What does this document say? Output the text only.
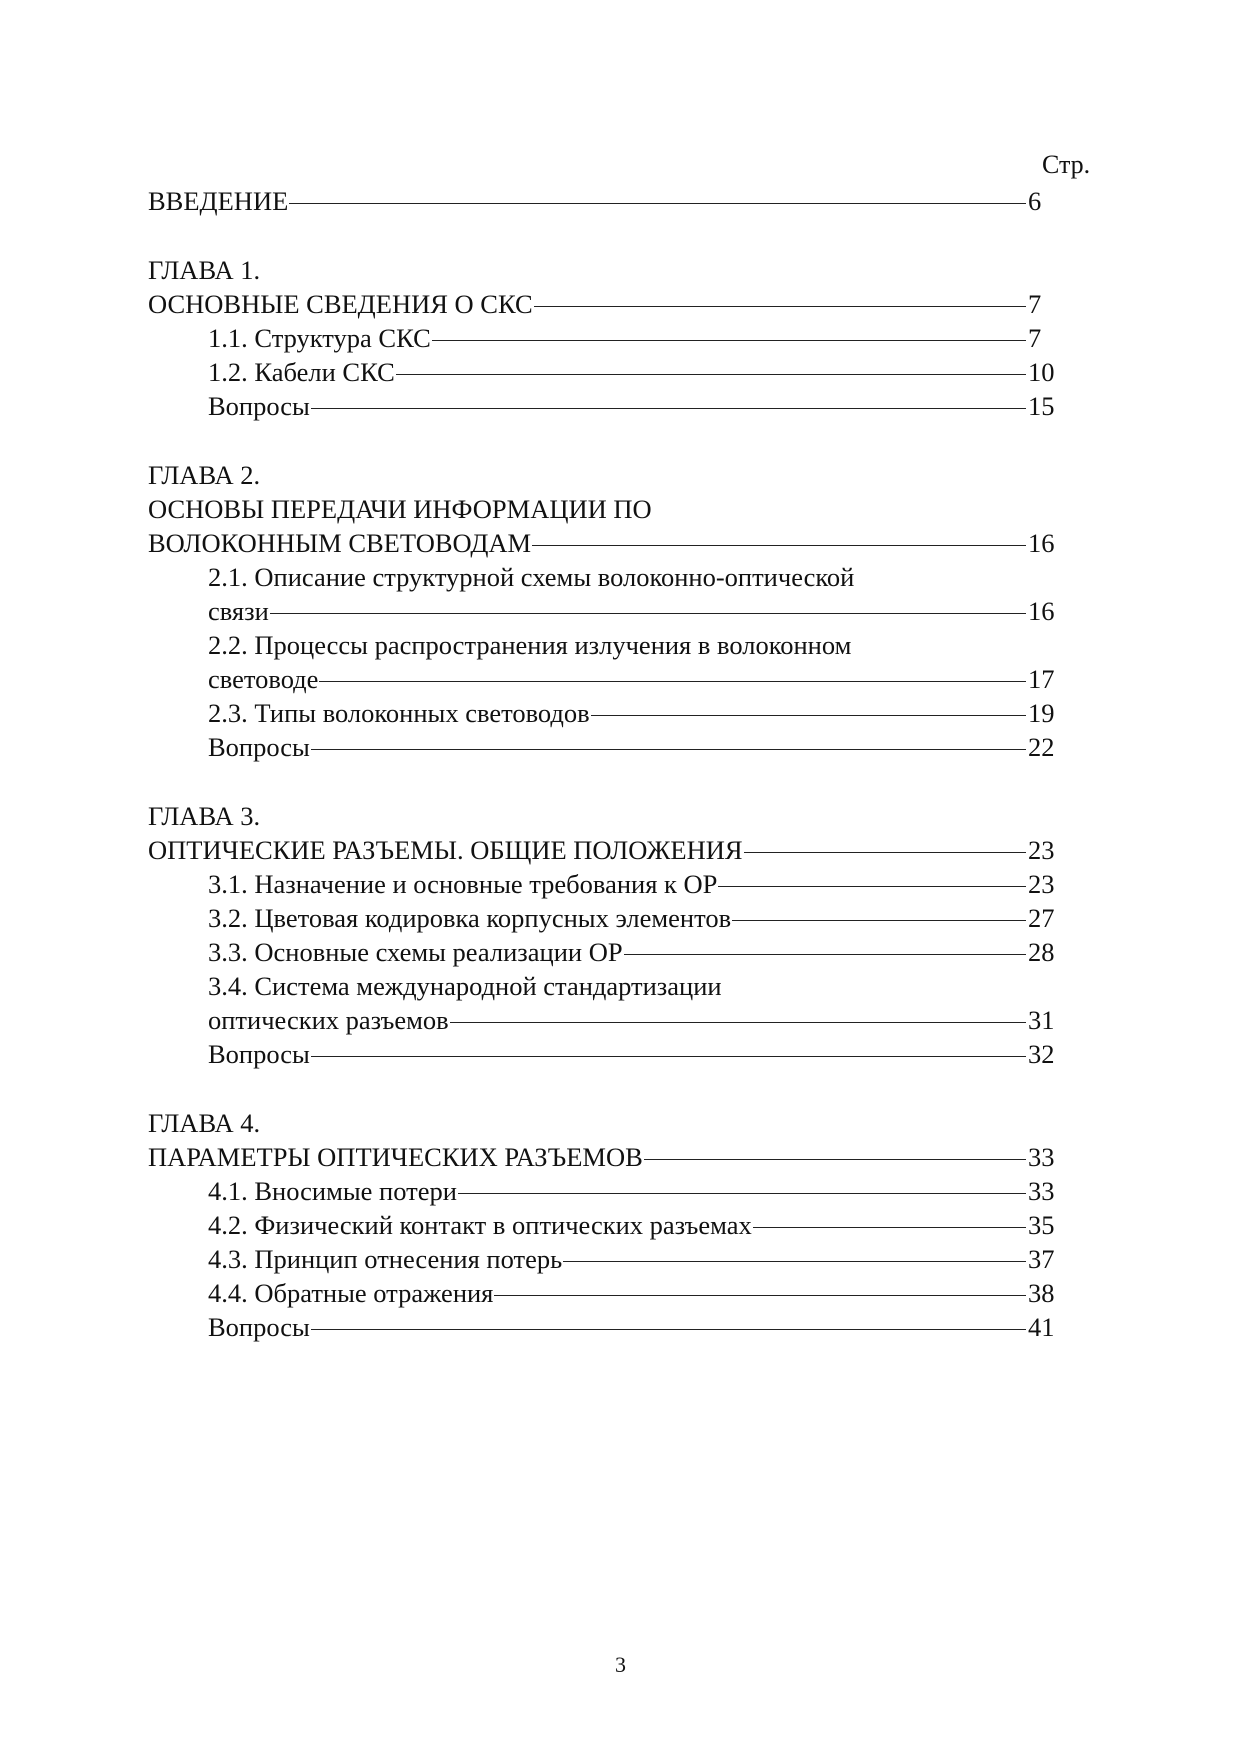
Стр.
ВВЕДЕНИЕ	6
ГЛАВА 1.
ОСНОВНЫЕ СВЕДЕНИЯ О СКС	7
1.1. Структура СКС	7
1.2. Кабели СКС	10
Вопросы	15
ГЛАВА 2.
ОСНОВЫ ПЕРЕДАЧИ ИНФОРМАЦИИ ПО
ВОЛОКОННЫМ СВЕТОВОДАМ	16
2.1. Описание структурной схемы волоконно-оптической
связи	16
2.2. Процессы распространения излучения в волоконном
световоде	17
2.3. Типы волоконных световодов	19
Вопросы	22
ГЛАВА 3.
ОПТИЧЕСКИЕ РАЗЪЕМЫ. ОБЩИЕ ПОЛОЖЕНИЯ	23
3.1. Назначение и основные требования к ОР	23
3.2. Цветовая кодировка корпусных элементов	27
3.3. Основные схемы реализации ОР	28
3.4. Система международной стандартизации
оптических разъемов	31
Вопросы	32
ГЛАВА 4.
ПАРАМЕТРЫ ОПТИЧЕСКИХ РАЗЪЕМОВ	33
4.1. Вносимые потери	33
4.2. Физический контакт в оптических разъемах	35
4.3. Принцип отнесения потерь	37
4.4. Обратные отражения	38
Вопросы	41
3
